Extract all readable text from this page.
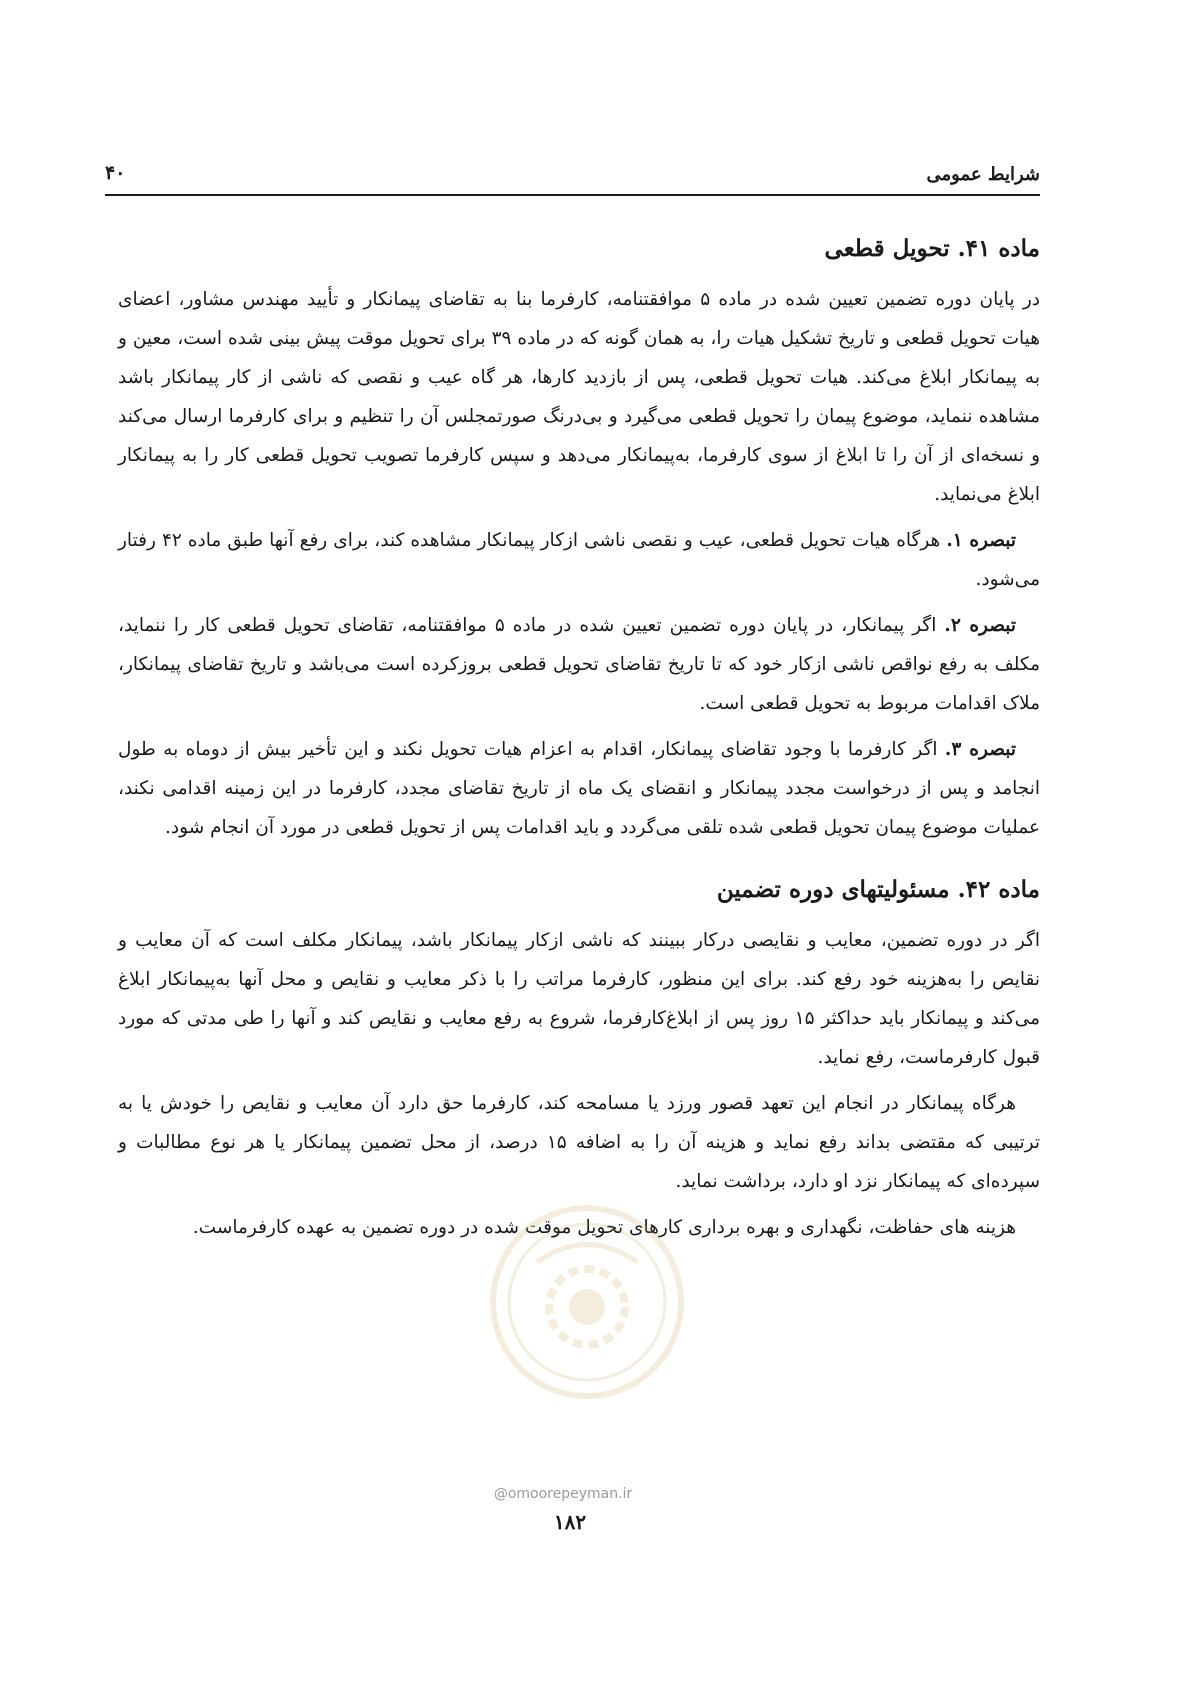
شرایط عمومی
۴۰
ماده ۴۱. تحویل قطعی

در پایان دوره تضمین تعیین شده در ماده ۵ موافقتنامه، کارفرما بنا به تقاضای پیمانکار و تأیید مهندس مشاور، اعضای هیات تحویل قطعی و تاریخ تشکیل هیات را، به همان گونه که در ماده ۳۹ برای تحویل موقت پیش بینی شده است، معین و به پیمانکار ابلاغ می‌کند. هیات تحویل قطعی، پس از بازدید کارها، هر گاه عیب و نقصی که ناشی از کار پیمانکار باشد مشاهده ننماید، موضوع پیمان را تحویل قطعی می‌گیرد و بی‌درنگ صورتمجلس آن را تنظیم و برای کارفرما ارسال می‌کند و نسخه‌ای از آن را تا ابلاغ از سوی کارفرما، به‌پیمانکار می‌دهد و سپس کارفرما تصویب تحویل قطعی کار را به پیمانکار ابلاغ می‌نماید.

تبصره ۱. هرگاه هیات تحویل قطعی، عیب و نقصی ناشی ازکار پیمانکار مشاهده کند، برای رفع آنها طبق ماده ۴۲ رفتار می‌شود.

تبصره ۲. اگر پیمانکار، در پایان دوره تضمین تعیین شده در ماده ۵ موافقتنامه، تقاضای تحویل قطعی کار را ننماید، مکلف به رفع نواقص ناشی ازکار خود که تا تاریخ تقاضای تحویل قطعی بروزکرده است می‌باشد و تاریخ تقاضای پیمانکار، ملاک اقدامات مربوط به تحویل قطعی است.

تبصره ۳. اگر کارفرما با وجود تقاضای پیمانکار، اقدام به اعزام هیات تحویل نکند و این تأخیر بیش از دوماه به طول انجامد و پس از درخواست مجدد پیمانکار و انقضای یک ماه از تاریخ تقاضای مجدد، کارفرما در این زمینه اقدامی نکند، عملیات موضوع پیمان تحویل قطعی شده تلقی می‌گردد و باید اقدامات پس از تحویل قطعی در مورد آن انجام شود.

ماده ۴۲. مسئولیتهای دوره تضمین

اگر در دوره تضمین، معایب و نقایصی درکار ببینند که ناشی ازکار پیمانکار باشد، پیمانکار مکلف است که آن معایب و نقایص را به‌هزینه خود رفع کند. برای این منظور، کارفرما مراتب را با ذکر معایب و نقایص و محل آنها به‌پیمانکار ابلاغ می‌کند و پیمانکار باید حداکثر ۱۵ روز پس از ابلاغ‌کارفرما، شروع به رفع معایب و نقایص کند و آنها را طی مدتی که مورد قبول کارفرماست، رفع نماید.

هرگاه پیمانکار در انجام این تعهد قصور ورزد یا مسامحه کند، کارفرما حق دارد آن معایب و نقایص را خودش یا به ترتیبی که مقتضی بداند رفع نماید و هزینه آن را به اضافه ۱۵ درصد، از محل تضمین پیمانکار یا هر نوع مطالبات و سپرده‌ای که پیمانکار نزد او دارد، برداشت نماید.

هزینه های حفاظت، نگهداری و بهره برداری کارهای تحویل موقت شده در دوره تضمین به عهده کارفرماست.

@omoorepeyman.ir
۱۸۲
